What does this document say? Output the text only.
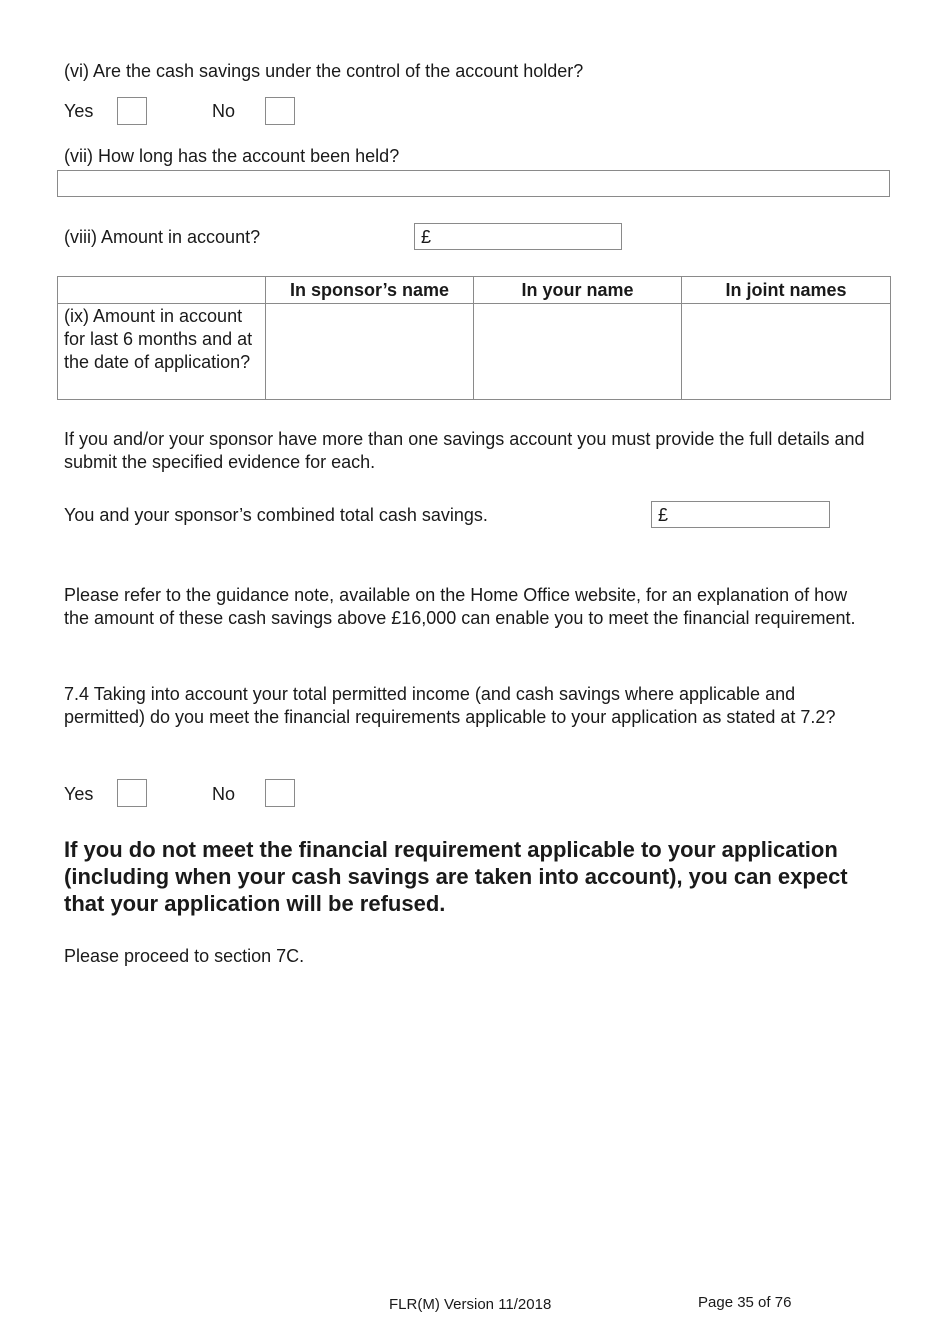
(vi) Are the cash savings under the control of the account holder?
Yes	No
(vii) How long has the account been held?
(viii) Amount in account?	£
	In sponsor’s name	In your name	In joint names
(ix) Amount in account for last 6 months and at the date of application?			
If you and/or your sponsor have more than one savings account you must provide the full details and submit the specified evidence for each.
You and your sponsor’s combined total cash savings.	£
Please refer to the guidance note, available on the Home Office website, for an explanation of how the amount of these cash savings above £16,000 can enable you to meet the financial requirement.
7.4 Taking into account your total permitted income (and cash savings where applicable and permitted) do you meet the financial requirements applicable to your application as stated at 7.2?
Yes	No
If you do not meet the financial requirement applicable to your application (including when your cash savings are taken into account), you can expect that your application will be refused.
Please proceed to section 7C.
FLR(M) Version 11/2018	Page 35 of 76
